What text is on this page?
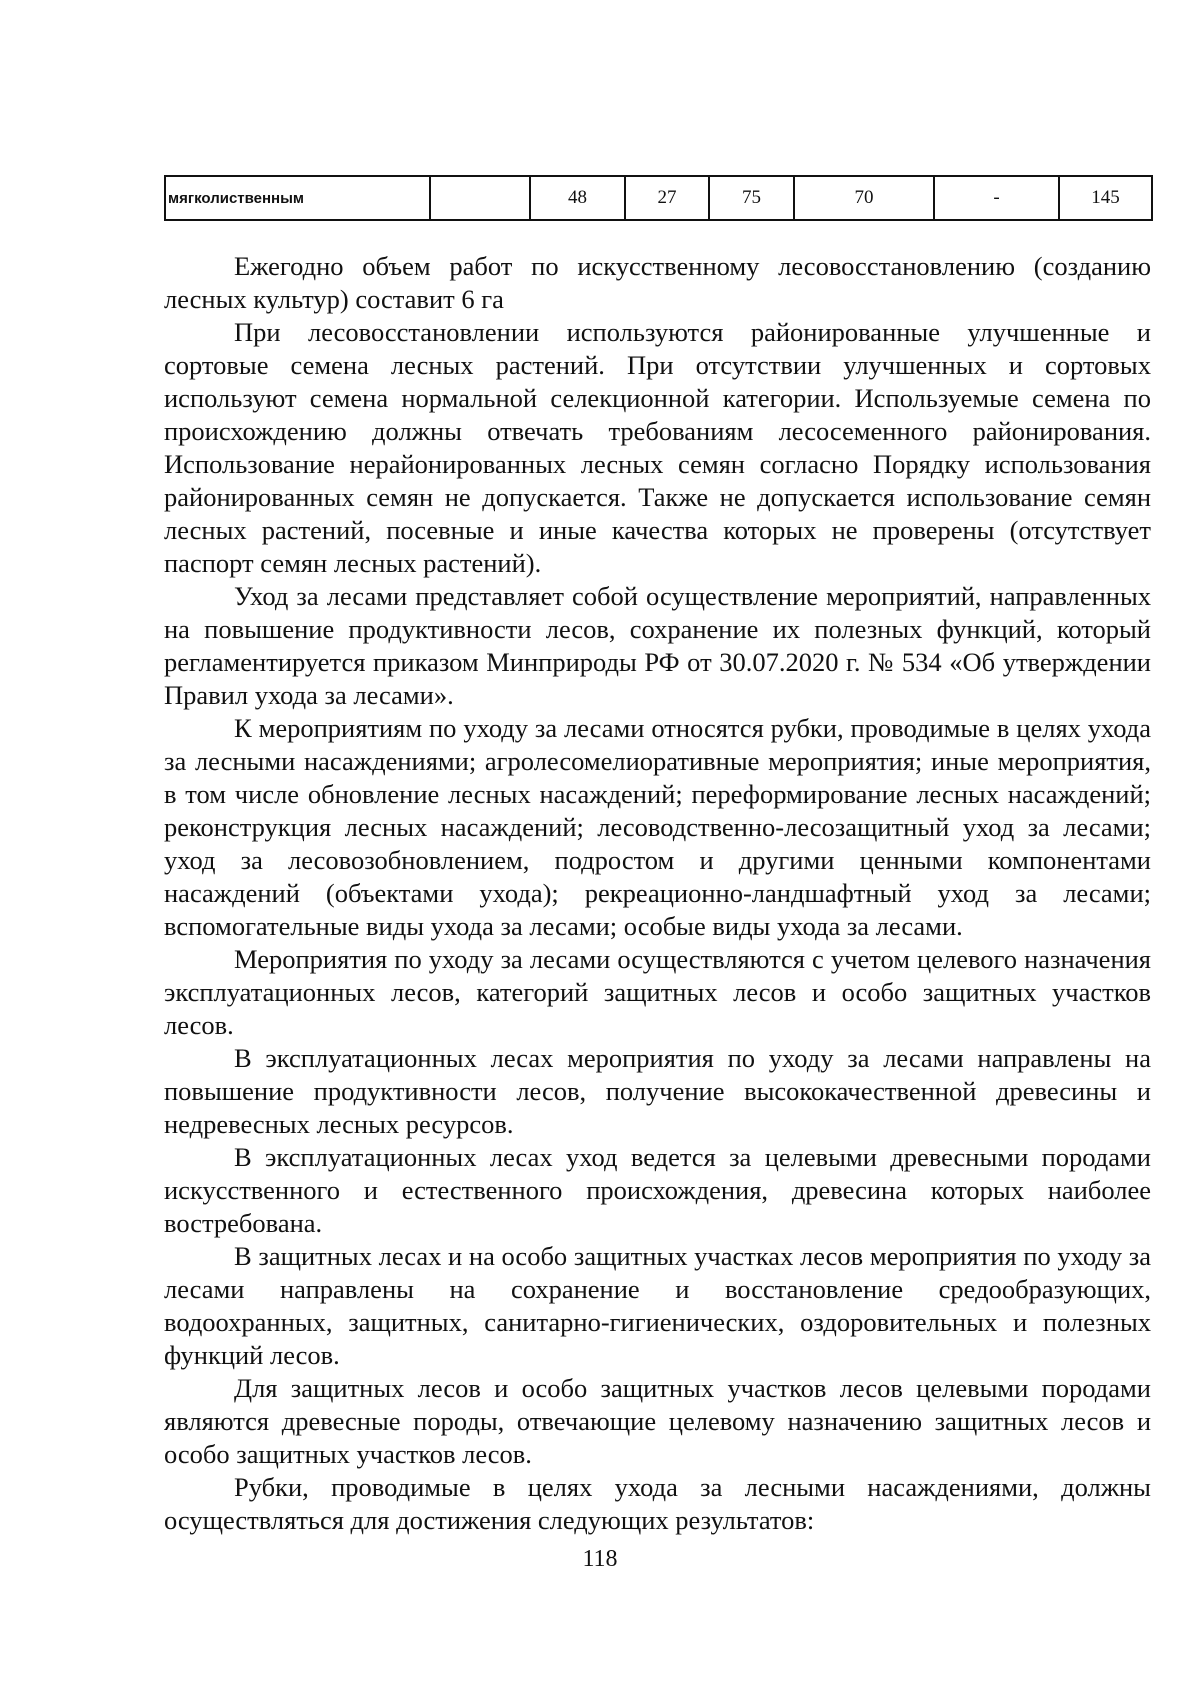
мягколиственным		48	27	75	70	-	145

Ежегодно объем работ по искусственному лесовосстановлению (созданию лесных культур) составит 6 га

При лесовосстановлении используются районированные улучшенные и сортовые семена лесных растений. При отсутствии улучшенных и сортовых используют семена нормальной селекционной категории. Используемые семена по происхождению должны отвечать требованиям лесосеменного районирования. Использование нерайонированных лесных семян согласно Порядку использования районированных семян не допускается. Также не допускается использование семян лесных растений, посевные и иные качества которых не проверены (отсутствует паспорт семян лесных растений).

Уход за лесами представляет собой осуществление мероприятий, направленных на повышение продуктивности лесов, сохранение их полезных функций, который регламентируется приказом Минприроды РФ от 30.07.2020 г. № 534 «Об утверждении Правил ухода за лесами».

К мероприятиям по уходу за лесами относятся рубки, проводимые в целях ухода за лесными насаждениями; агролесомелиоративные мероприятия; иные мероприятия, в том числе обновление лесных насаждений; переформирование лесных насаждений; реконструкция лесных насаждений; лесоводственно-лесозащитный уход за лесами; уход за лесовозобновлением, подростом и другими ценными компонентами насаждений (объектами ухода); рекреационно-ландшафтный уход за лесами; вспомогательные виды ухода за лесами; особые виды ухода за лесами.

Мероприятия по уходу за лесами осуществляются с учетом целевого назначения эксплуатационных лесов, категорий защитных лесов и особо защитных участков лесов.

В эксплуатационных лесах мероприятия по уходу за лесами направлены на повышение продуктивности лесов, получение высококачественной древесины и недревесных лесных ресурсов.

В эксплуатационных лесах уход ведется за целевыми древесными породами искусственного и естественного происхождения, древесина которых наиболее востребована.

В защитных лесах и на особо защитных участках лесов мероприятия по уходу за лесами направлены на сохранение и восстановление средообразующих, водоохранных, защитных, санитарно-гигиенических, оздоровительных и полезных функций лесов.

Для защитных лесов и особо защитных участков лесов целевыми породами являются древесные породы, отвечающие целевому назначению защитных лесов и особо защитных участков лесов.

Рубки, проводимые в целях ухода за лесными насаждениями, должны осуществляться для достижения следующих результатов:

118
